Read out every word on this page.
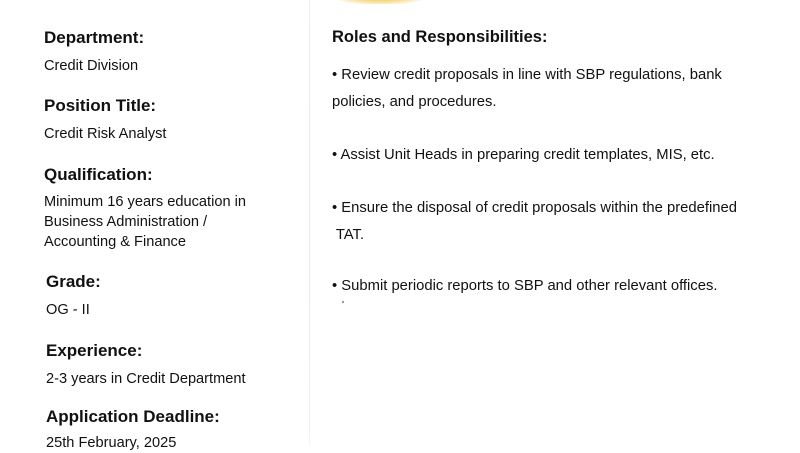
Department:
Credit Division
Position Title:
Credit Risk Analyst
Qualification:
Minimum 16 years education in
Business Administration /
Accounting & Finance
Grade:
OG - II
Experience:
2-3 years in Credit Department
Application Deadline:
25th February, 2025
Roles and Responsibilities:
• Review credit proposals in line with SBP regulations, bank
policies, and procedures.
• Assist Unit Heads in preparing credit templates, MIS, etc.
• Ensure the disposal of credit proposals within the predefined
TAT.
• Submit periodic reports to SBP and other relevant offices.
